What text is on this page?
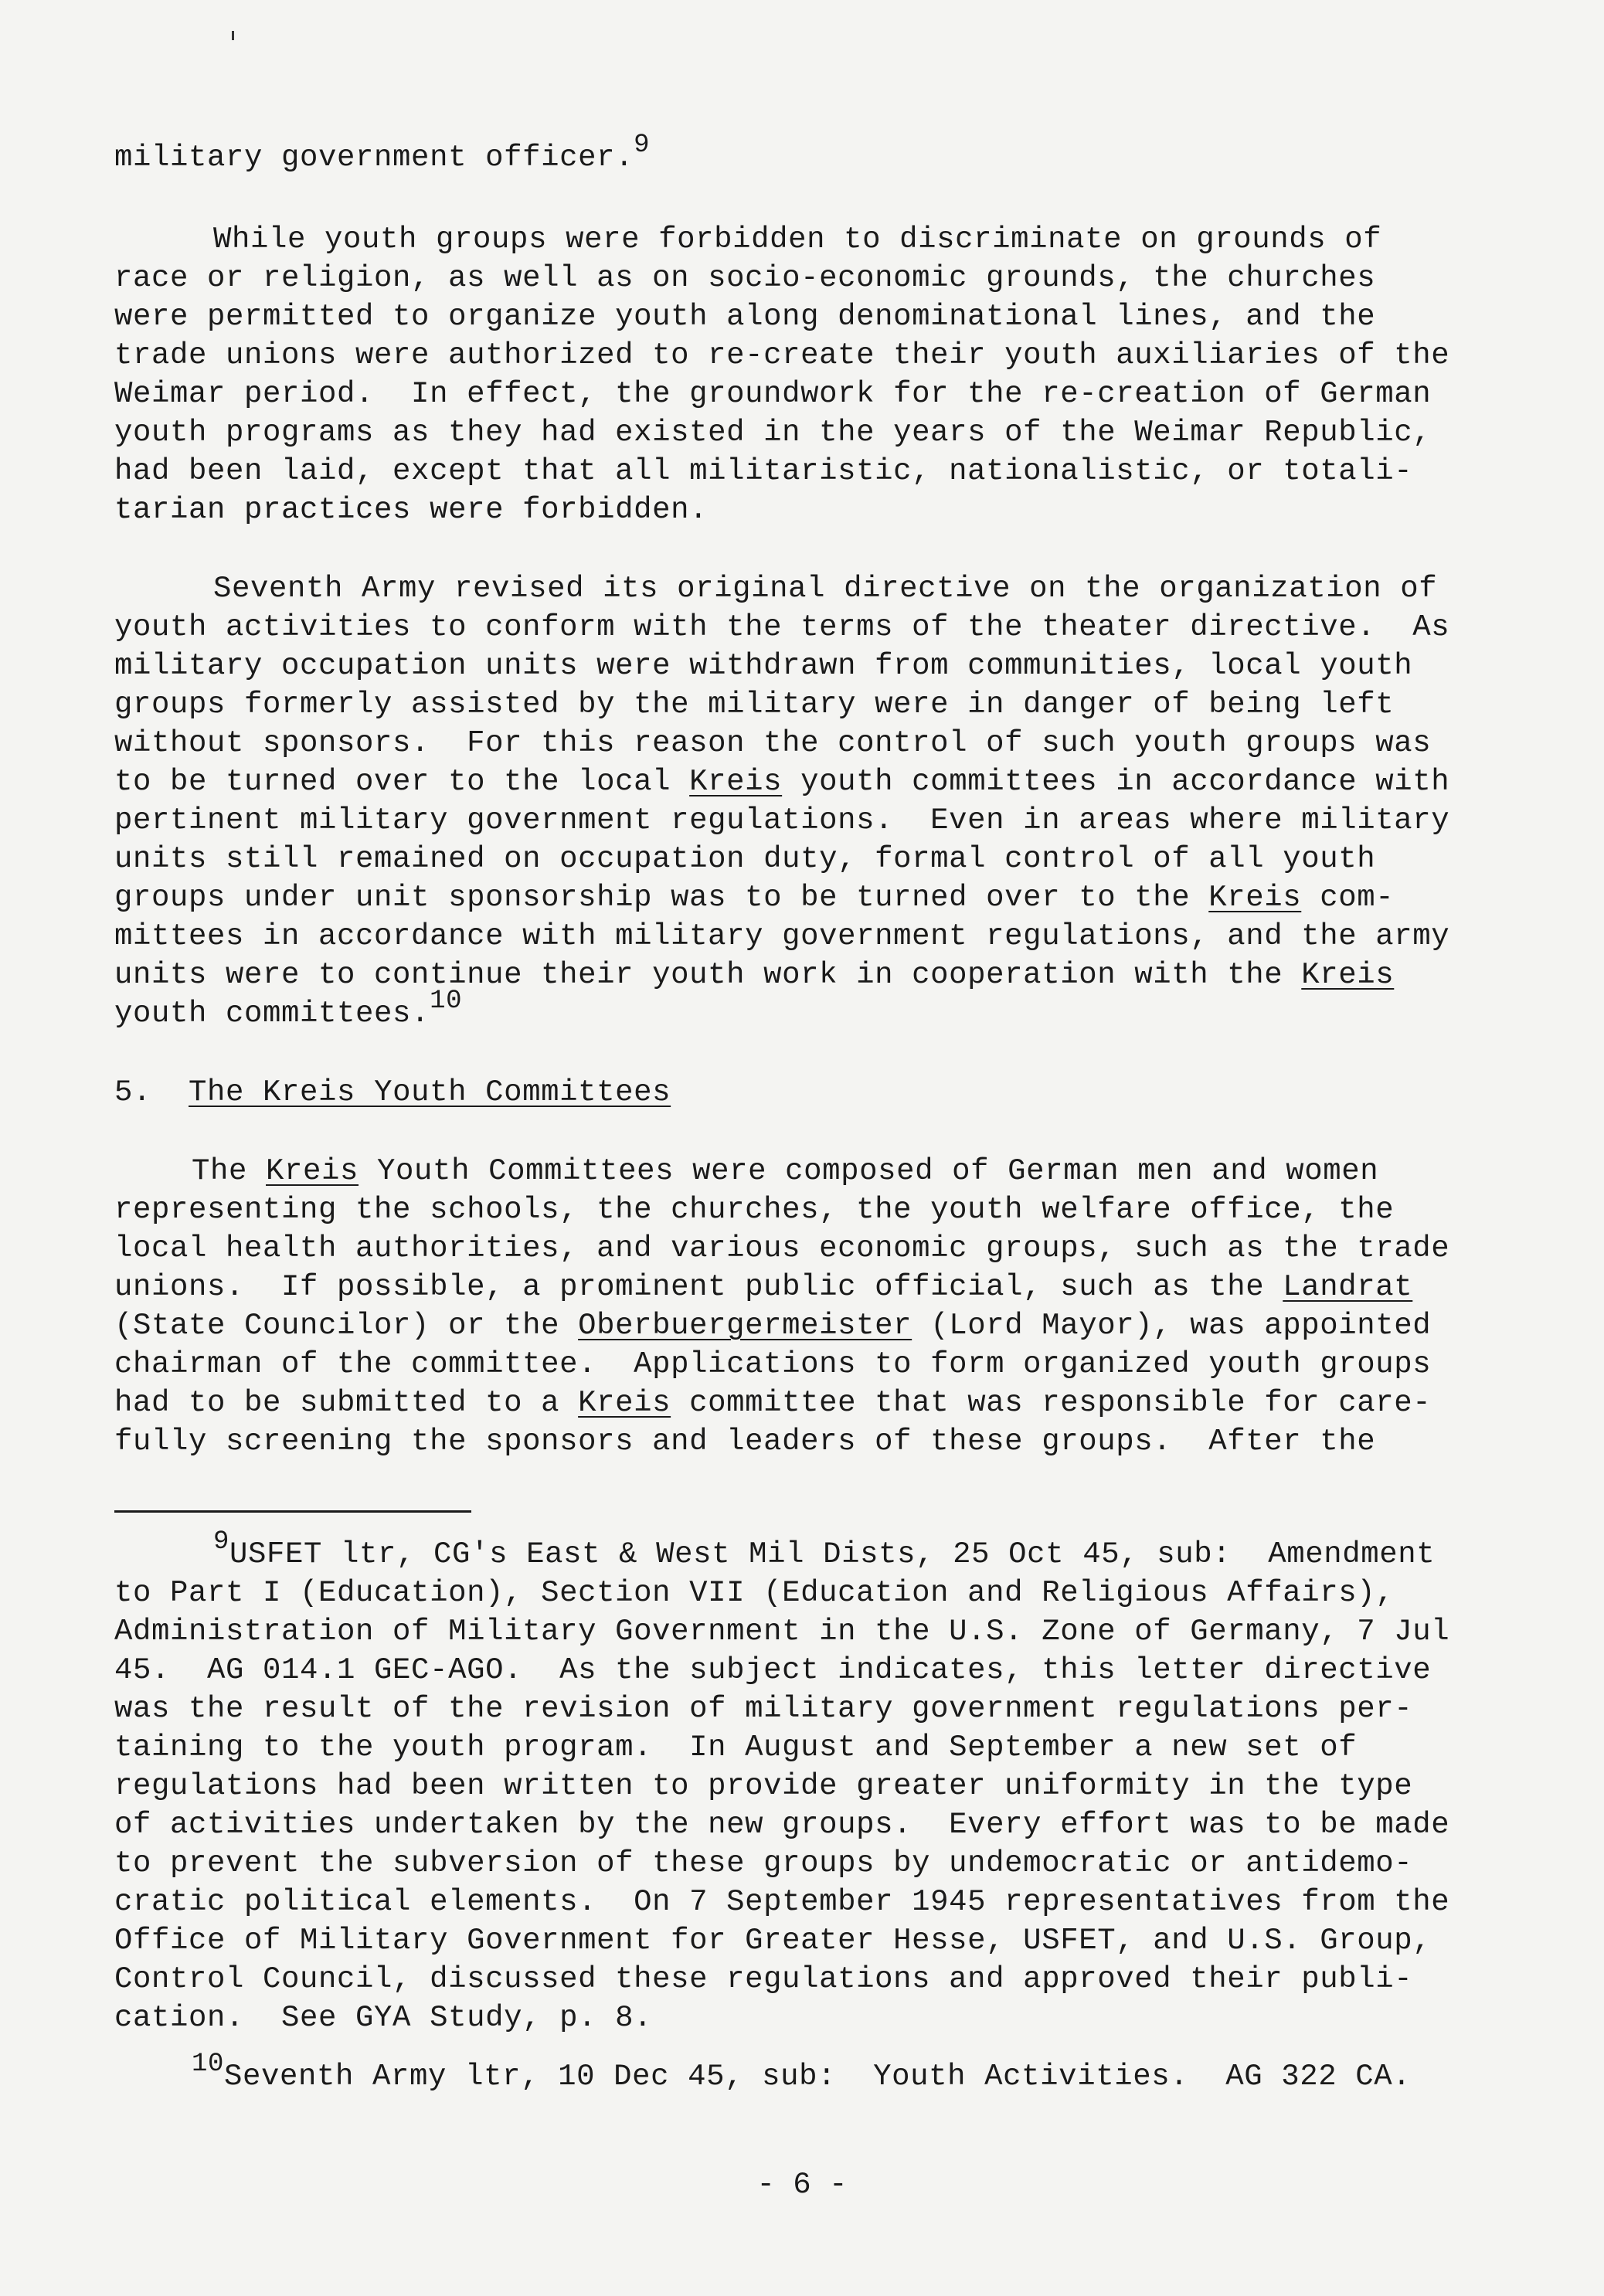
military government officer.$^9$
While youth groups were forbidden to discriminate on grounds of
race or religion, as well as on socio-economic grounds, the churches
were permitted to organize youth along denominational lines, and the
trade unions were authorized to re-create their youth auxiliaries of the
Weimar period.  In effect, the groundwork for the re-creation of German
youth programs as they had existed in the years of the Weimar Republic,
had been laid, except that all militaristic, nationalistic, or totali-
tarian practices were forbidden.
Seventh Army revised its original directive on the organization of
youth activities to conform with the terms of the theater directive.  As
military occupation units were withdrawn from communities, local youth
groups formerly assisted by the military were in danger of being left
without sponsors.  For this reason the control of such youth groups was
to be turned over to the local Kreis youth committees in accordance with
pertinent military government regulations.  Even in areas where military
units still remained on occupation duty, formal control of all youth
groups under unit sponsorship was to be turned over to the Kreis com-
mittees in accordance with military government regulations, and the army
units were to continue their youth work in cooperation with the Kreis
youth committees.$^{10}$
5. The Kreis Youth Committees
The Kreis Youth Committees were composed of German men and women
representing the schools, the churches, the youth welfare office, the
local health authorities, and various economic groups, such as the trade
unions.  If possible, a prominent public official, such as the Landrat
(State Councilor) or the Oberbuergermeister (Lord Mayor), was appointed
chairman of the committee.  Applications to form organized youth groups
had to be submitted to a Kreis committee that was responsible for care-
fully screening the sponsors and leaders of these groups.  After the
$^9$USFET ltr, CG's East & West Mil Dists, 25 Oct 45, sub:  Amendment
to Part I (Education), Section VII (Education and Religious Affairs),
Administration of Military Government in the U.S. Zone of Germany, 7 Jul
45.  AG 014.1 GEC-AGO.  As the subject indicates, this letter directive
was the result of the revision of military government regulations per-
taining to the youth program.  In August and September a new set of
regulations had been written to provide greater uniformity in the type
of activities undertaken by the new groups.  Every effort was to be made
to prevent the subversion of these groups by undemocratic or antidemo-
cratic political elements.  On 7 September 1945 representatives from the
Office of Military Government for Greater Hesse, USFET, and U.S. Group,
Control Council, discussed these regulations and approved their publi-
cation.  See GYA Study, p. 8.
$^{10}$Seventh Army ltr, 10 Dec 45, sub:  Youth Activities.  AG 322 CA.
- 6 -
